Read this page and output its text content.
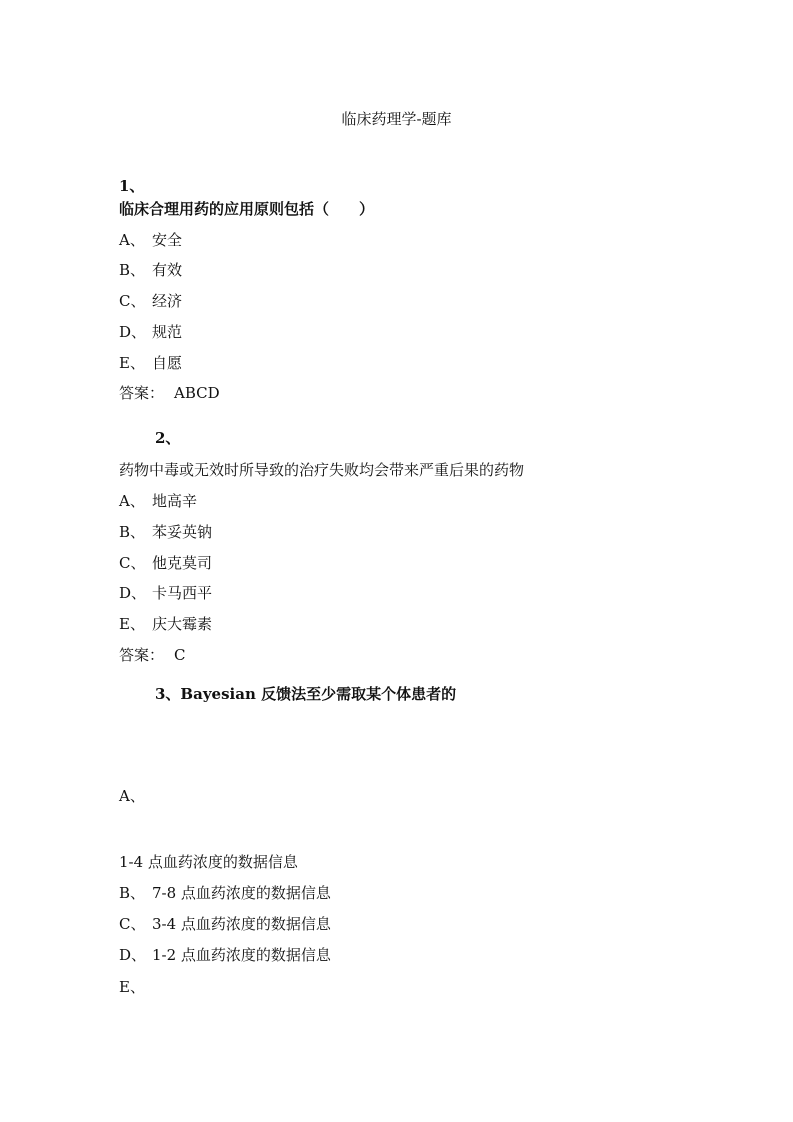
临床药理学-题库
1、
临床合理用药的应用原则包括（　　）
A、 安全
B、 有效
C、 经济
D、 规范
E、 自愿
答案： ABCD
2、
药物中毒或无效时所导致的治疗失败均会带来严重后果的药物
A、 地高辛
B、 苯妥英钠
C、 他克莫司
D、 卡马西平
E、 庆大霉素
答案： C
3、Bayesian 反馈法至少需取某个体患者的
A、
1-4 点血药浓度的数据信息
B、 7-8 点血药浓度的数据信息
C、 3-4 点血药浓度的数据信息
D、 1-2 点血药浓度的数据信息
E、
